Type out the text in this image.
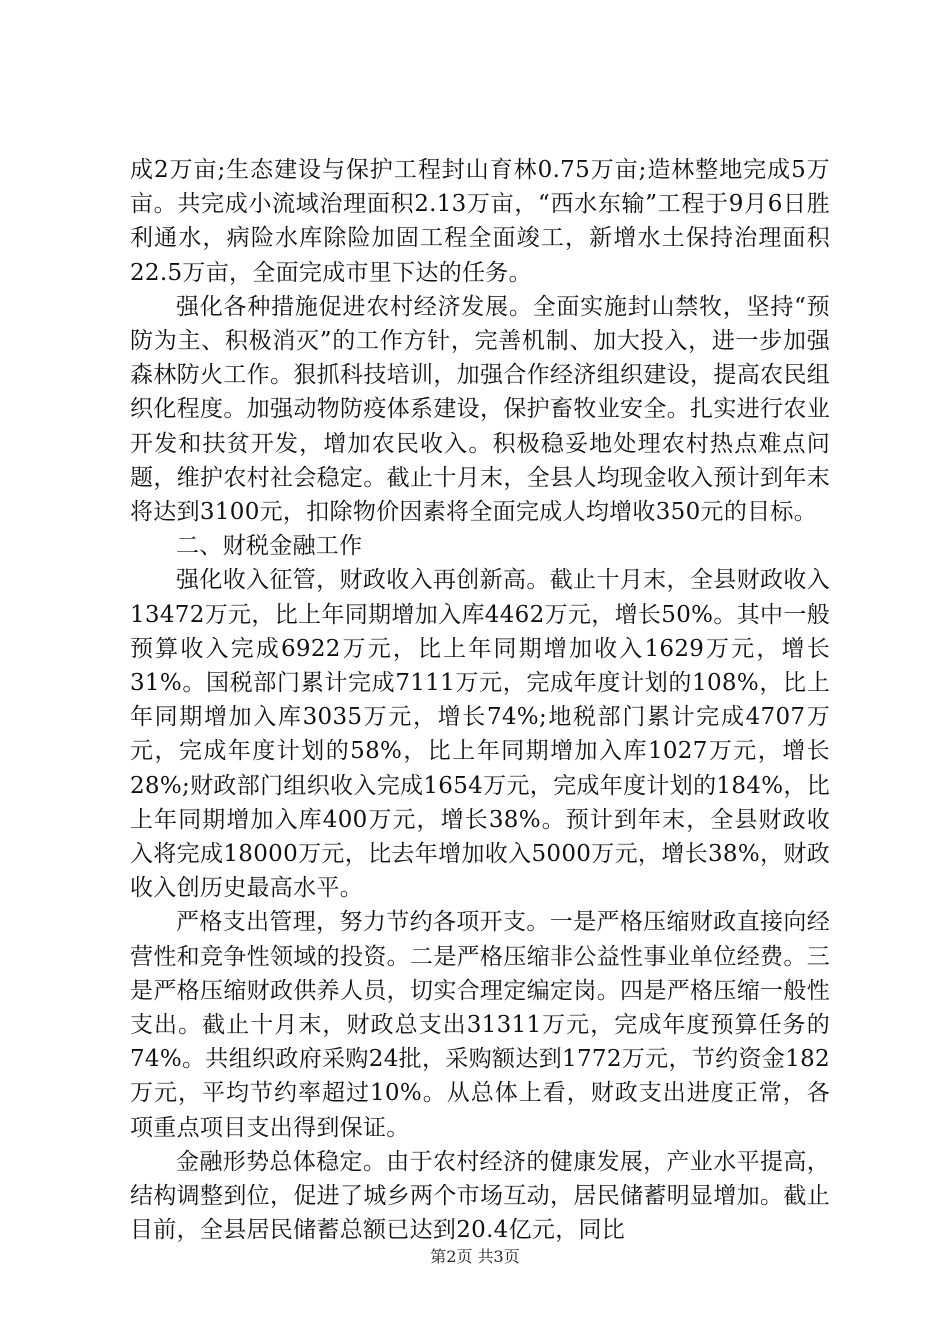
成2万亩;生态建设与保护工程封山育林0.75万亩;造林整地完成5万亩。共完成小流域治理面积2.13万亩，“西水东输”工程于9月6日胜利通水，病险水库除险加固工程全面竣工，新增水土保持治理面积22.5万亩，全面完成市里下达的任务。

强化各种措施促进农村经济发展。全面实施封山禁牧，坚持“预防为主、积极消灭”的工作方针，完善机制、加大投入，进一步加强森林防火工作。狠抓科技培训，加强合作经济组织建设，提高农民组织化程度。加强动物防疫体系建设，保护畜牧业安全。扎实进行农业开发和扶贫开发，增加农民收入。积极稳妥地处理农村热点难点问题，维护农村社会稳定。截止十月末，全县人均现金收入预计到年末将达到3100元，扣除物价因素将全面完成人均增收350元的目标。

二、财税金融工作

强化收入征管，财政收入再创新高。截止十月末，全县财政收入13472万元，比上年同期增加入库4462万元，增长50%。其中一般预算收入完成6922万元，比上年同期增加收入1629万元，增长31%。国税部门累计完成7111万元，完成年度计划的108%，比上年同期增加入库3035万元，增长74%;地税部门累计完成4707万元，完成年度计划的58%，比上年同期增加入库1027万元，增长28%;财政部门组织收入完成1654万元，完成年度计划的184%，比上年同期增加入库400万元，增长38%。预计到年末，全县财政收入将完成18000万元，比去年增加收入5000万元，增长38%，财政收入创历史最高水平。

严格支出管理，努力节约各项开支。一是严格压缩财政直接向经营性和竞争性领域的投资。二是严格压缩非公益性事业单位经费。三是严格压缩财政供养人员，切实合理定编定岗。四是严格压缩一般性支出。截止十月末，财政总支出31311万元，完成年度预算任务的74%。共组织政府采购24批，采购额达到1772万元，节约资金182万元，平均节约率超过10%。从总体上看，财政支出进度正常，各项重点项目支出得到保证。

金融形势总体稳定。由于农村经济的健康发展，产业水平提高，结构调整到位，促进了城乡两个市场互动，居民储蓄明显增加。截止目前，全县居民储蓄总额已达到20.4亿元，同比

第2页 共3页
